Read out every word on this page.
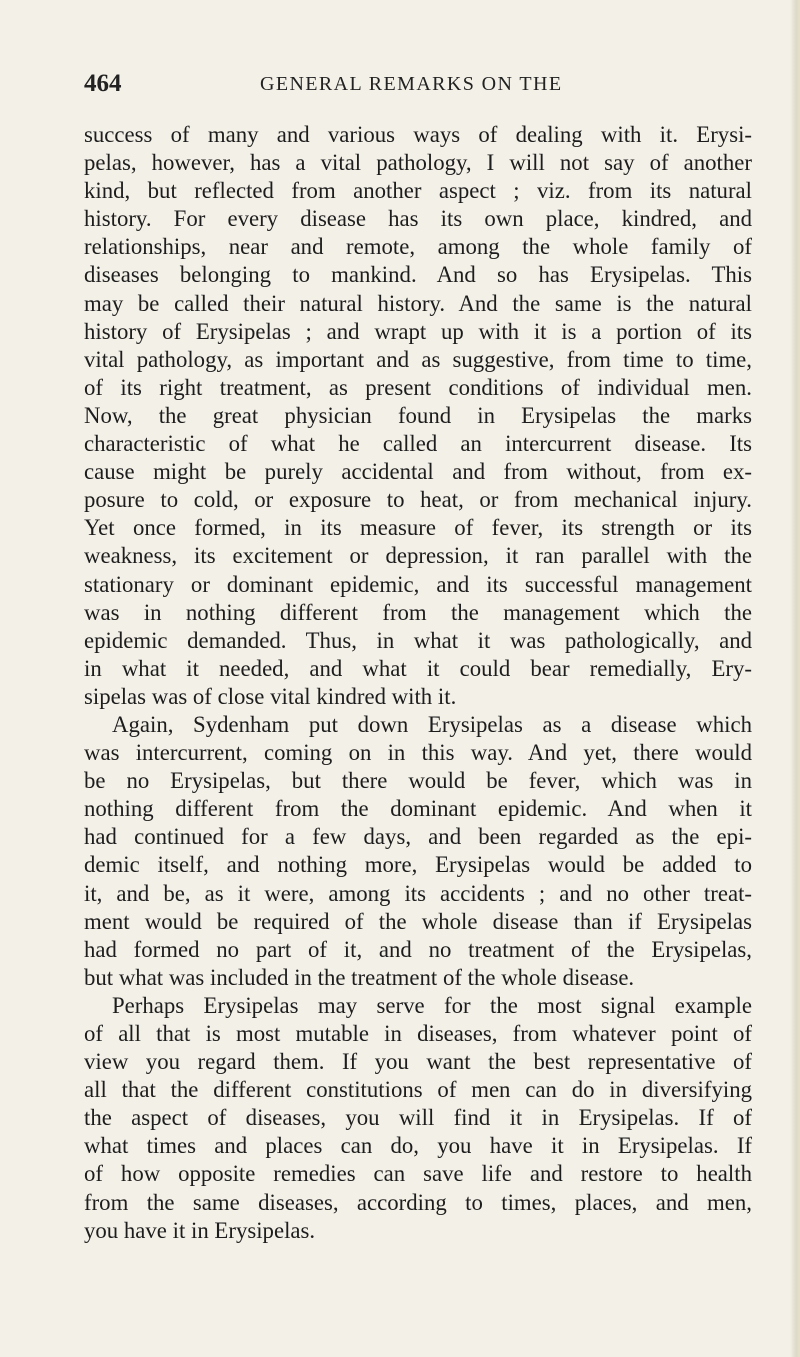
464	GENERAL REMARKS ON THE
success of many and various ways of dealing with it. Erysi-
pelas, however, has a vital pathology, I will not say of another
kind, but reflected from another aspect ; viz. from its natural
history. For every disease has its own place, kindred, and
relationships, near and remote, among the whole family of
diseases belonging to mankind. And so has Erysipelas. This
may be called their natural history. And the same is the natural
history of Erysipelas ; and wrapt up with it is a portion of its
vital pathology, as important and as suggestive, from time to time,
of its right treatment, as present conditions of individual men.
Now, the great physician found in Erysipelas the marks
characteristic of what he called an intercurrent disease. Its
cause might be purely accidental and from without, from ex-
posure to cold, or exposure to heat, or from mechanical injury.
Yet once formed, in its measure of fever, its strength or its
weakness, its excitement or depression, it ran parallel with the
stationary or dominant epidemic, and its successful management
was in nothing different from the management which the
epidemic demanded. Thus, in what it was pathologically, and
in what it needed, and what it could bear remedially, Ery-
sipelas was of close vital kindred with it.
Again, Sydenham put down Erysipelas as a disease which
was intercurrent, coming on in this way. And yet, there would
be no Erysipelas, but there would be fever, which was in
nothing different from the dominant epidemic. And when it
had continued for a few days, and been regarded as the epi-
demic itself, and nothing more, Erysipelas would be added to
it, and be, as it were, among its accidents ; and no other treat-
ment would be required of the whole disease than if Erysipelas
had formed no part of it, and no treatment of the Erysipelas,
but what was included in the treatment of the whole disease.
Perhaps Erysipelas may serve for the most signal example
of all that is most mutable in diseases, from whatever point of
view you regard them. If you want the best representative of
all that the different constitutions of men can do in diversifying
the aspect of diseases, you will find it in Erysipelas. If of
what times and places can do, you have it in Erysipelas. If
of how opposite remedies can save life and restore to health
from the same diseases, according to times, places, and men,
you have it in Erysipelas.
